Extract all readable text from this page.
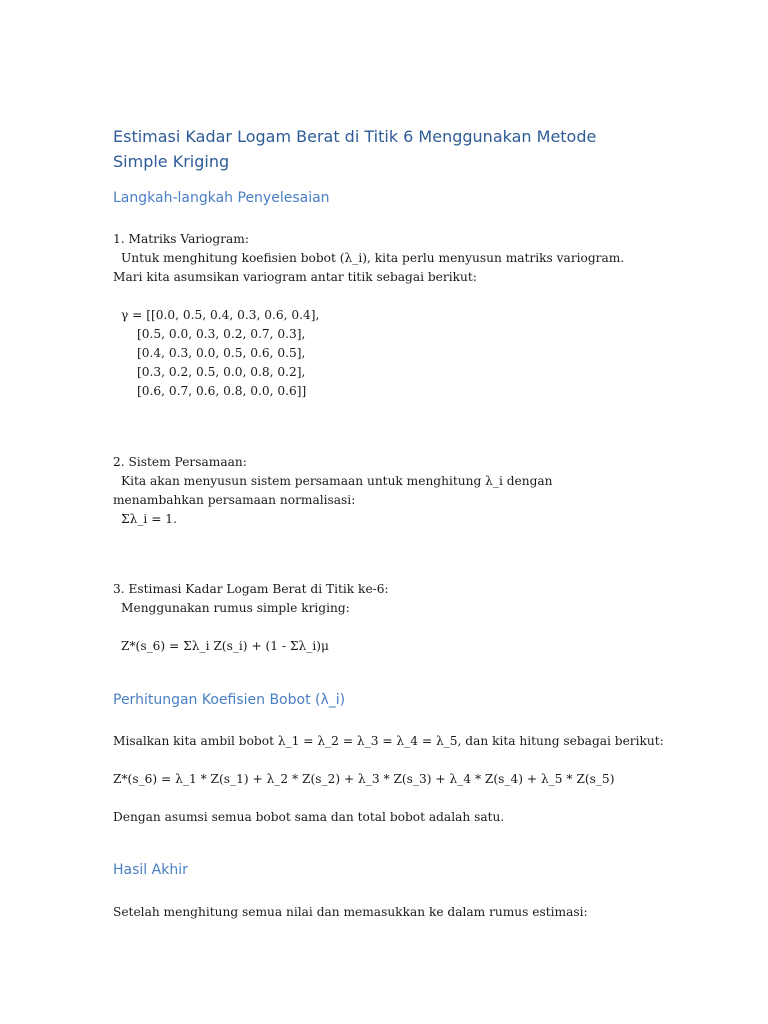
Estimasi Kadar Logam Berat di Titik 6 Menggunakan Metode Simple Kriging
Langkah-langkah Penyelesaian

1. Matriks Variogram:

Untuk menghitung koefisien bobot (λ_i), kita perlu menyusun matriks variogram. Mari kita asumsikan variogram antar titik sebagai berikut:

γ = [[0.0, 0.5, 0.4, 0.3, 0.6, 0.4],

[0.5, 0.0, 0.3, 0.2, 0.7, 0.3],

[0.4, 0.3, 0.0, 0.5, 0.6, 0.5],

[0.3, 0.2, 0.5, 0.0, 0.8, 0.2],

[0.6, 0.7, 0.6, 0.8, 0.0, 0.6]]

2. Sistem Persamaan:

Kita akan menyusun sistem persamaan untuk menghitung λ_i dengan menambahkan persamaan normalisasi:

Σλ_i = 1.

3. Estimasi Kadar Logam Berat di Titik ke-6:

Menggunakan rumus simple kriging:

Z*(s_6) = Σλ_i Z(s_i) + (1 - Σλ_i)μ

Perhitungan Koefisien Bobot (λ_i)

Misalkan kita ambil bobot λ_1 = λ_2 = λ_3 = λ_4 = λ_5, dan kita hitung sebagai berikut:

Z*(s_6) = λ_1 * Z(s_1) + λ_2 * Z(s_2) + λ_3 * Z(s_3) + λ_4 * Z(s_4) + λ_5 * Z(s_5)

Dengan asumsi semua bobot sama dan total bobot adalah satu.

Hasil Akhir

Setelah menghitung semua nilai dan memasukkan ke dalam rumus estimasi:
